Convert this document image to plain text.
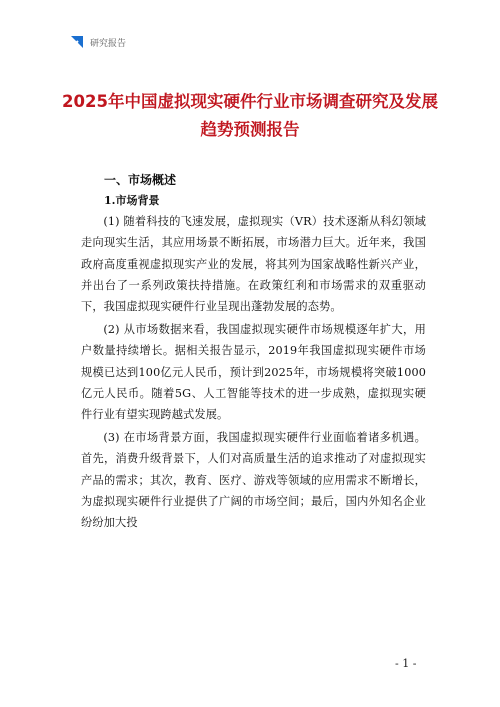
研究报告
2025年中国虚拟现实硬件行业市场调查研究及发展趋势预测报告
一、市场概述
1.市场背景

(1) 随着科技的飞速发展，虚拟现实（VR）技术逐渐从科幻领域走向现实生活，其应用场景不断拓展，市场潜力巨大。近年来，我国政府高度重视虚拟现实产业的发展，将其列为国家战略性新兴产业，并出台了一系列政策扶持措施。在政策红利和市场需求的双重驱动下，我国虚拟现实硬件行业呈现出蓬勃发展的态势。

(2) 从市场数据来看，我国虚拟现实硬件市场规模逐年扩大，用户数量持续增长。据相关报告显示，2019年我国虚拟现实硬件市场规模已达到100亿元人民币，预计到2025年，市场规模将突破1000亿元人民币。随着5G、人工智能等技术的进一步成熟，虚拟现实硬件行业有望实现跨越式发展。

(3) 在市场背景方面，我国虚拟现实硬件行业面临着诸多机遇。首先，消费升级背景下，人们对高质量生活的追求推动了对虚拟现实产品的需求；其次，教育、医疗、游戏等领域的应用需求不断增长，为虚拟现实硬件行业提供了广阔的市场空间；最后，国内外知名企业纷纷加大投

- 1 -
